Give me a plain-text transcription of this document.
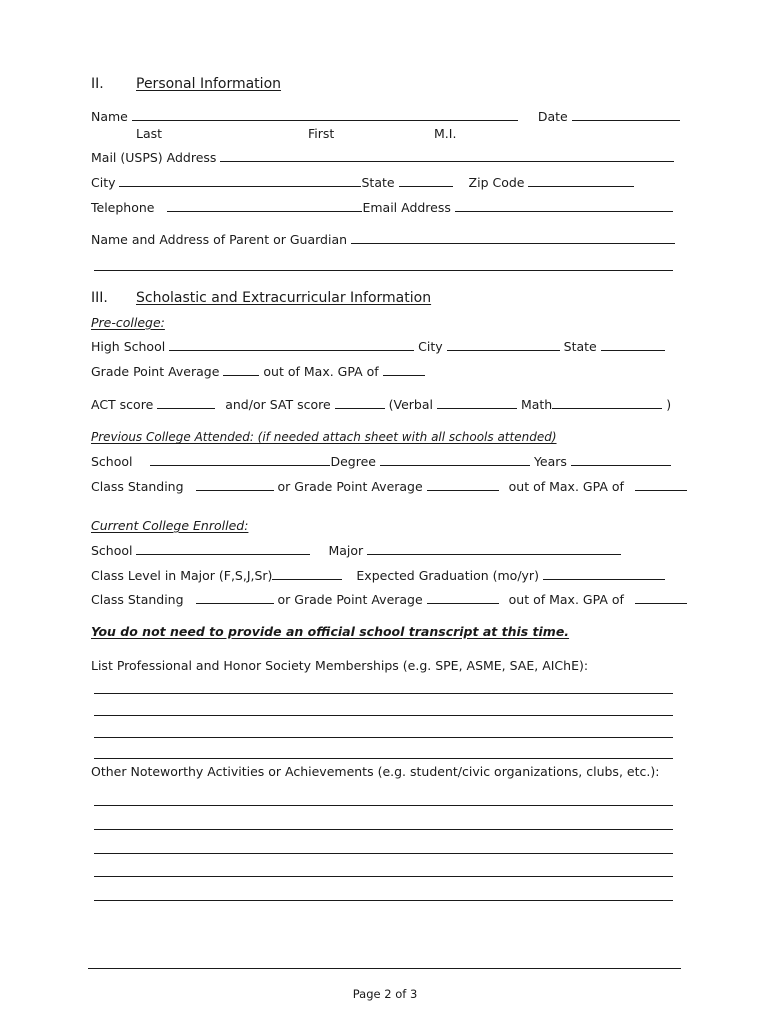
II. Personal Information
Name	Date
Last	First	M.I.
Mail (USPS) Address
City	State	Zip Code
Telephone	Email Address
Name and Address of Parent or Guardian
III. Scholastic and Extracurricular Information
Pre-college:
High School	City	State
Grade Point Average	out of Max. GPA of
ACT score	and/or SAT score	(Verbal	Math	)
Previous College Attended: (if needed attach sheet with all schools attended)
School	Degree	Years
Class Standing	or Grade Point Average	out of Max. GPA of
Current College Enrolled:
School	Major
Class Level in Major (F,S,J,Sr)	Expected Graduation (mo/yr)
Class Standing	or Grade Point Average	out of Max. GPA of
You do not need to provide an official school transcript at this time.
List Professional and Honor Society Memberships (e.g. SPE, ASME, SAE, AIChE):
Other Noteworthy Activities or Achievements (e.g. student/civic organizations, clubs, etc.):
Page 2 of 3
